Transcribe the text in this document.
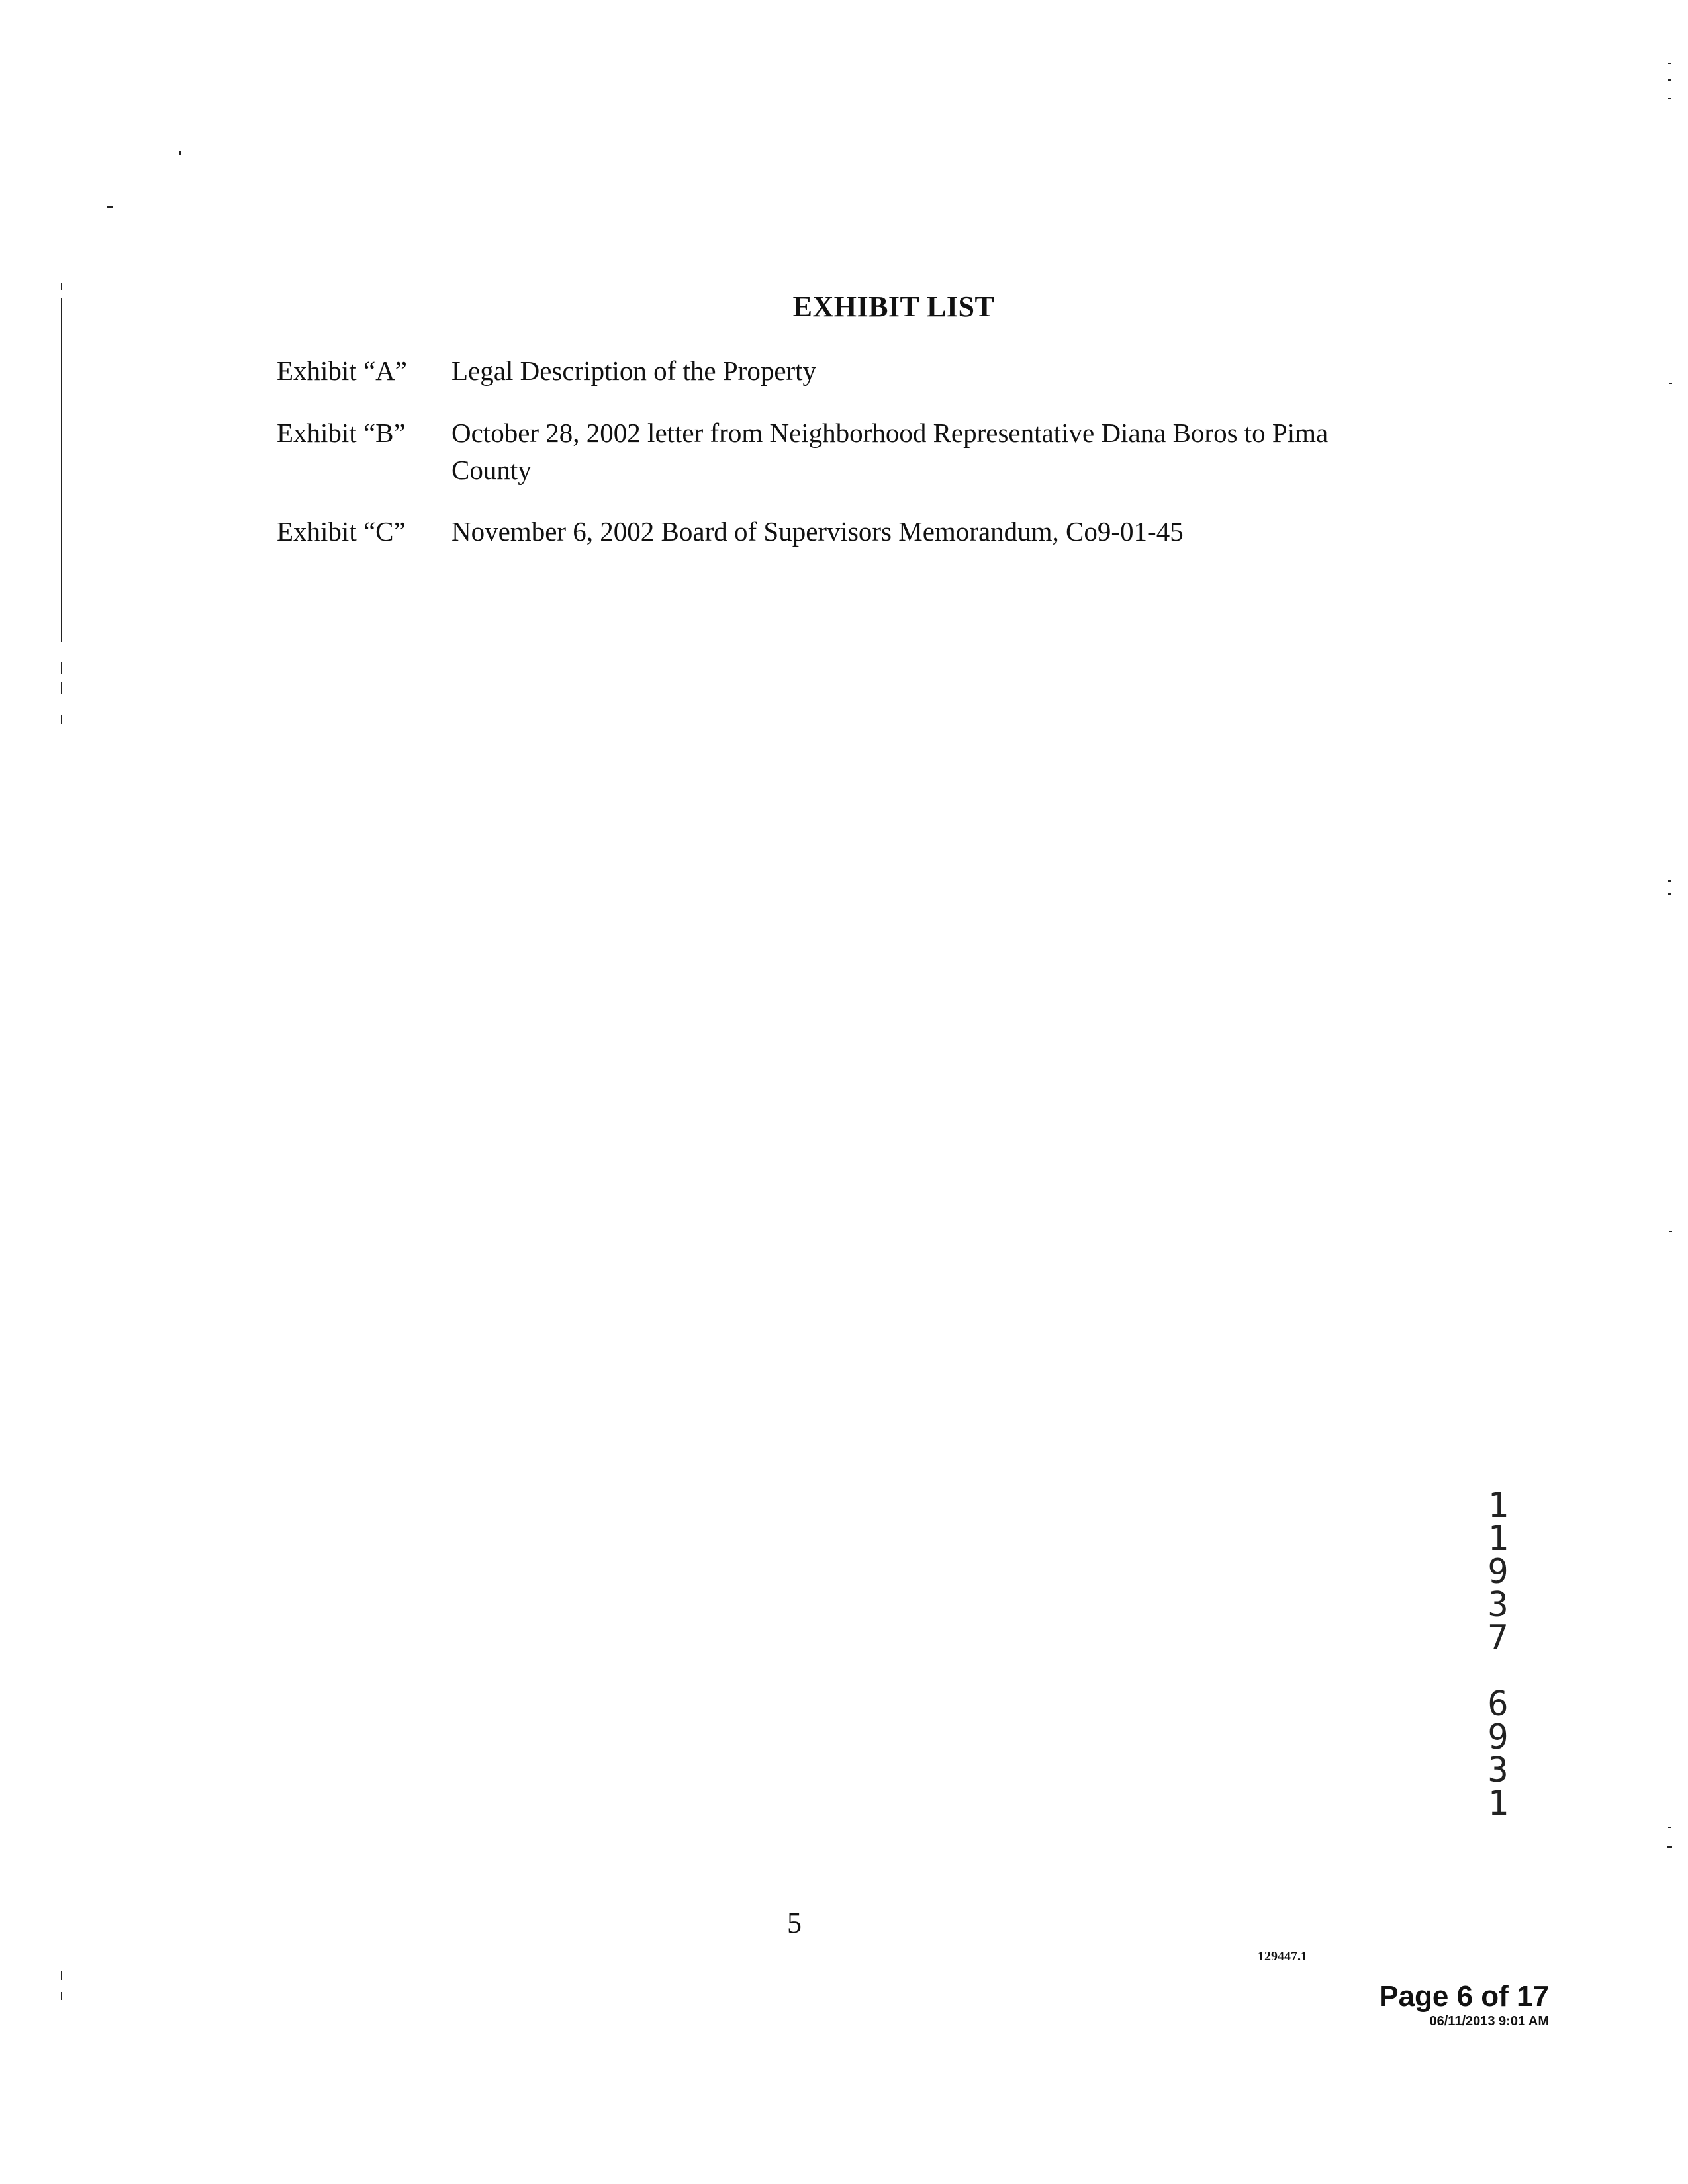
EXHIBIT LIST
Exhibit “A”	Legal Description of the Property
Exhibit “B”	October 28, 2002 letter from Neighborhood Representative Diana Boros to Pima County
Exhibit “C”	November 6, 2002 Board of Supervisors Memorandum, Co9-01-45
1
1
9
3
7
6
9
3
1
5
129447.1
Page 6 of 17
06/11/2013 9:01 AM
